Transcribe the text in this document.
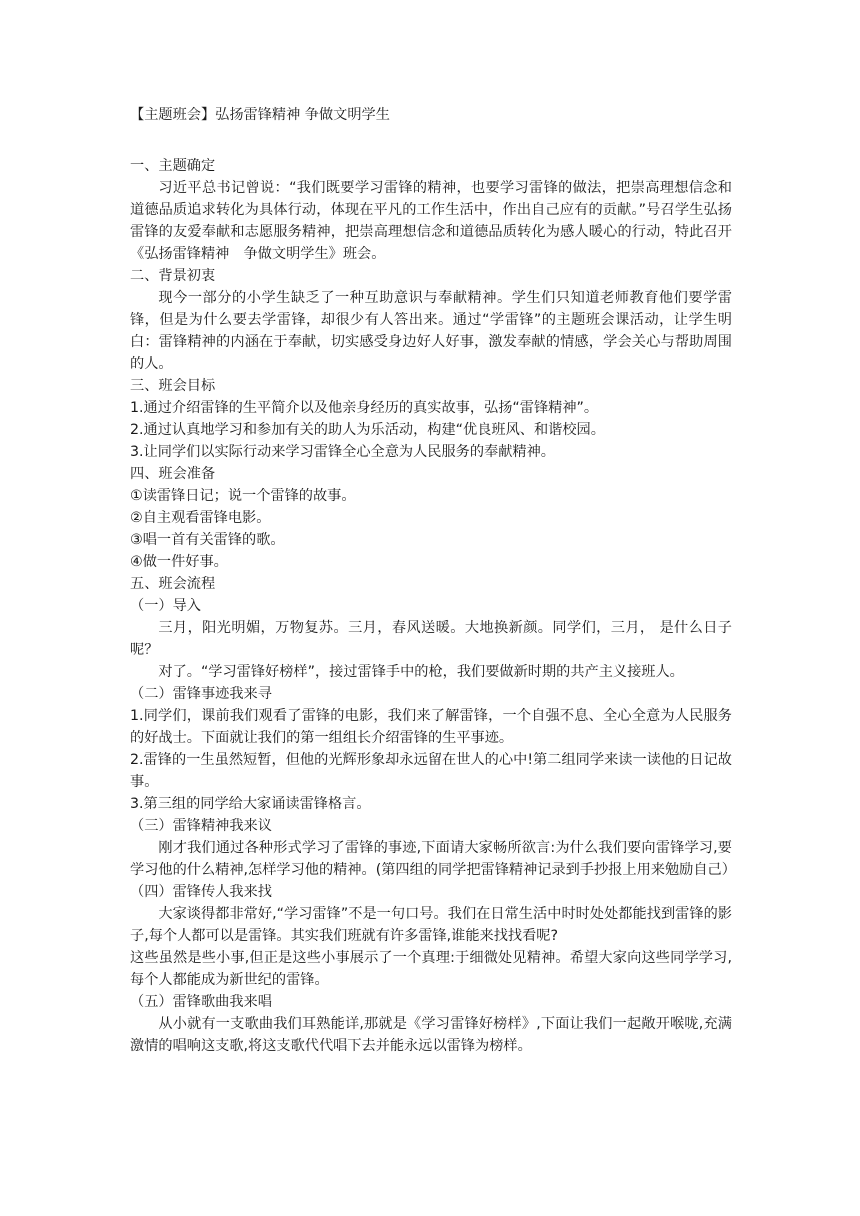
【主题班会】弘扬雷锋精神 争做文明学生

一、主题确定

习近平总书记曾说：“我们既要学习雷锋的精神，也要学习雷锋的做法，把崇高理想信念和道德品质追求转化为具体行动，体现在平凡的工作生活中，作出自己应有的贡献。”号召学生弘扬雷锋的友爱奉献和志愿服务精神，把崇高理想信念和道德品质转化为感人暖心的行动，特此召开《弘扬雷锋精神　争做文明学生》班会。

二、背景初衷

现今一部分的小学生缺乏了一种互助意识与奉献精神。学生们只知道老师教育他们要学雷锋，但是为什么要去学雷锋，却很少有人答出来。通过“学雷锋”的主题班会课活动，让学生明白：雷锋精神的内涵在于奉献，切实感受身边好人好事，激发奉献的情感，学会关心与帮助周围的人。

三、班会目标

1.通过介绍雷锋的生平简介以及他亲身经历的真实故事，弘扬“雷锋精神”。

2.通过认真地学习和参加有关的助人为乐活动，构建“优良班风、和谐校园。

3.让同学们以实际行动来学习雷锋全心全意为人民服务的奉献精神。

四、班会准备

①读雷锋日记；说一个雷锋的故事。

②自主观看雷锋电影。

③唱一首有关雷锋的歌。

④做一件好事。

五、班会流程

（一）导入

三月，阳光明媚，万物复苏。三月，春风送暖。大地换新颜。同学们，三月， 是什么日子呢？

对了。“学习雷锋好榜样”，接过雷锋手中的枪，我们要做新时期的共产主义接班人。

（二）雷锋事迹我来寻

1.同学们，课前我们观看了雷锋的电影，我们来了解雷锋，一个自强不息、全心全意为人民服务的好战士。下面就让我们的第一组组长介绍雷锋的生平事迹。

2.雷锋的一生虽然短暂，但他的光辉形象却永远留在世人的心中!第二组同学来读一读他的日记故事。

3.第三组的同学给大家诵读雷锋格言。

（三）雷锋精神我来议

刚才我们通过各种形式学习了雷锋的事迹,下面请大家畅所欲言:为什么我们要向雷锋学习,要学习他的什么精神,怎样学习他的精神。(第四组的同学把雷锋精神记录到手抄报上用来勉励自己）

（四）雷锋传人我来找

大家谈得都非常好,“学习雷锋”不是一句口号。我们在日常生活中时时处处都能找到雷锋的影子,每个人都可以是雷锋。其实我们班就有许多雷锋,谁能来找找看呢?

这些虽然是些小事,但正是这些小事展示了一个真理:于细微处见精神。希望大家向这些同学学习,每个人都能成为新世纪的雷锋。

（五）雷锋歌曲我来唱

从小就有一支歌曲我们耳熟能详,那就是《学习雷锋好榜样》,下面让我们一起敞开喉咙,充满激情的唱响这支歌,将这支歌代代唱下去并能永远以雷锋为榜样。
